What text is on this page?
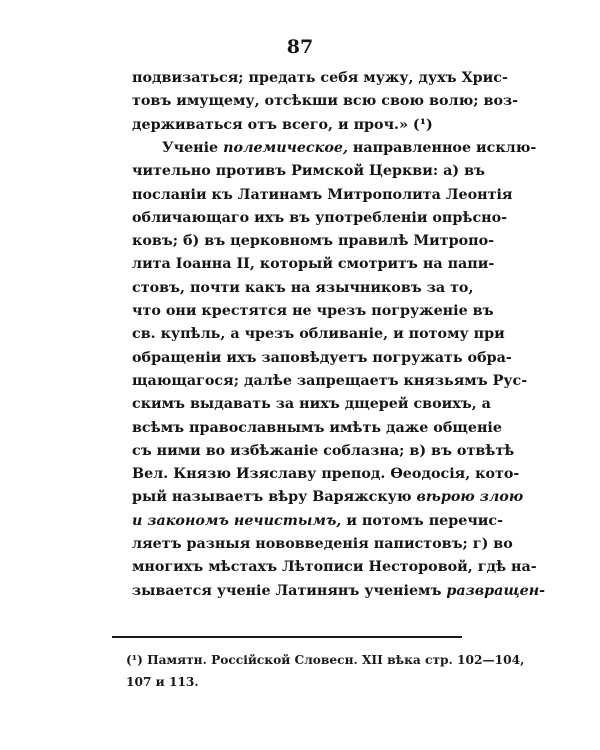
87
подвизаться; предать себя мужу, духъ Хрис-
товъ имущему, отсѣкши всю свою волю; воз-
держиваться отъ всего, и проч.» (¹)
Ученіе полемическое, направленное исклю-
чительно противъ Римской Церкви: а) въ
посланіи къ Латинамъ Митрополита Леонтія
обличающаго ихъ въ употребленіи опрѣсно-
ковъ; б) въ церковномъ правилѣ Митропо-
лита Іоанна II, который смотритъ на папи-
стовъ, почти какъ на язычниковъ за то,
что они крестятся не чрезъ погруженіе въ
св. купѣль, а чрезъ обливаніе, и потому при
обращеніи ихъ заповѣдуетъ погружать обра-
щающагося; далѣе запрещаетъ князьямъ Рус-
скимъ выдавать за нихъ дщерей своихъ, а
всѣмъ православнымъ имѣть даже общеніе
съ ними во избѣжаніе соблазна; в) въ отвѣтѣ
Вел. Князю Изяславу препод. Ѳеодосія, кото-
рый называетъ вѣру Варяжскую вѣрою злою
и закономъ нечистымъ, и потомъ перечис-
ляетъ разныя нововведенія папистовъ; г) во
многихъ мѣстахъ Лѣтописи Несторовой, гдѣ на-
зывается ученіе Латинянъ ученіемъ развращен-
(¹) Памятн. Россійской Словесн. XII вѣка стр. 102—104,
107 и 113.
